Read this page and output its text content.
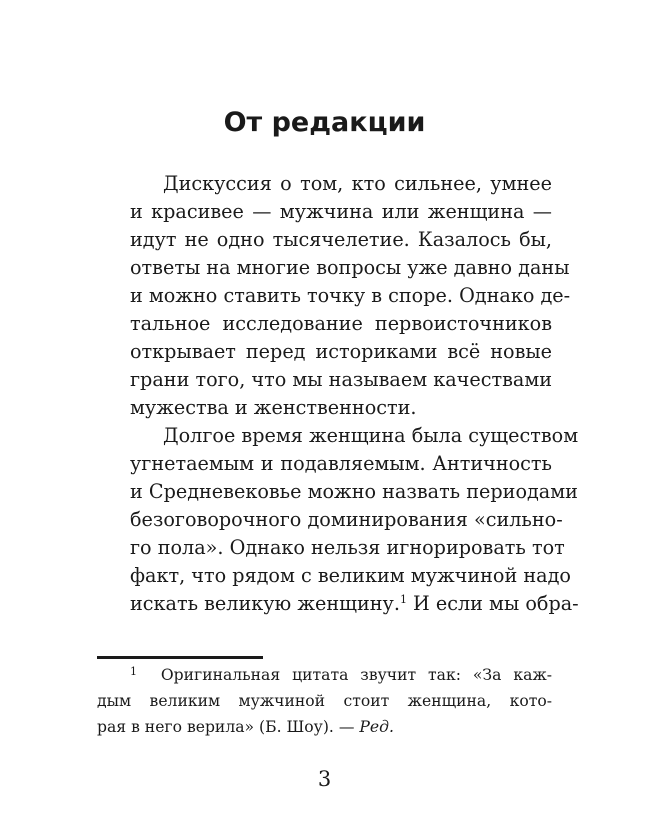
От редакции
Дискуссия о том, кто сильнее, умнее
и красивее — мужчина или женщина —
идут не одно тысячелетие. Казалось бы,
ответы на многие вопросы уже давно даны
и можно ставить точку в споре. Однако де-
тальное исследование первоисточников
открывает перед историками всё новые
грани того, что мы называем качествами
мужества и женственности.
Долгое время женщина была существом
угнетаемым и подавляемым. Античность
и Средневековье можно назвать периодами
безоговорочного доминирования «сильно-
го пола». Однако нельзя игнорировать тот
факт, что рядом с великим мужчиной надо
искать великую женщину.$^1$ И если мы обра-
$^1$ Оригинальная цитата звучит так: «За каж-
дым великим мужчиной стоит женщина, кото-
рая в него верила» (Б. Шоу). — Ред.
3
